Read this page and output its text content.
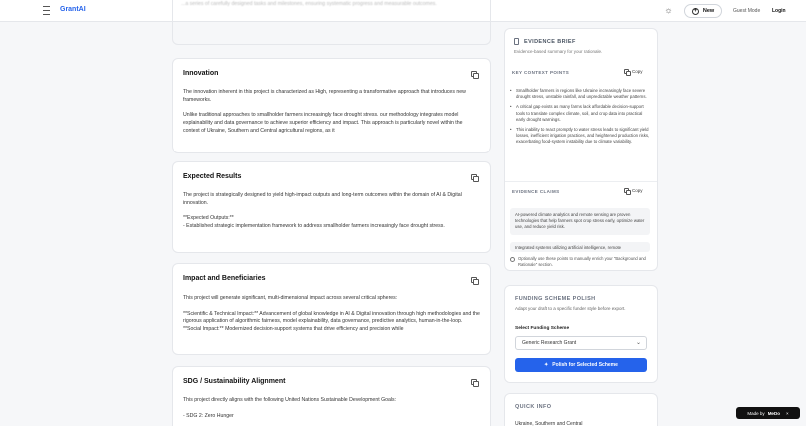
GrantAI	☼	+	New	Guest Mode Login
...a series of carefully designed tasks and milestones, ensuring systematic progress and measurable outcomes.
Innovation

The innovation inherent in this project is characterized as High, representing a transformative approach that introduces new frameworks.

Unlike traditional approaches to smallholder farmers increasingly face drought stress. our methodology integrates model explainability and data governance to achieve superior efficiency and impact. This approach is particularly novel within the context of Ukraine, Southern and Central agricultural regions, as it

Expected Results

The project is strategically designed to yield high-impact outputs and long-term outcomes within the domain of AI & Digital innovation.

**Expected Outputs:**
- Established strategic implementation framework to address smallholder farmers increasingly face drought stress.

Impact and Beneficiaries

This project will generate significant, multi-dimensional impact across several critical spheres:

**Scientific & Technical Impact:** Advancement of global knowledge in AI & Digital innovation through high methodologies and the rigorous application of algorithmic fairness, model explainability, data governance, predictive analytics, human-in-the-loop.
**Social Impact:** Modernized decision-support systems that drive efficiency and precision while

SDG / Sustainability Alignment

This project directly aligns with the following United Nations Sustainable Development Goals:

- SDG 2: Zero Hunger

EVIDENCE BRIEF
Evidence-based summary for your rationale.
KEY CONTEXT POINTS	Copy
• Smallholder farmers in regions like Ukraine increasingly face severe drought stress, unstable rainfall, and unpredictable weather patterns.
• A critical gap exists as many farms lack affordable decision-support tools to translate complex climate, soil, and crop data into practical early drought warnings.
• This inability to react promptly to water stress leads to significant yield losses, inefficient irrigation practices, and heightened production risks, exacerbating food-system instability due to climate variability.
EVIDENCE CLAIMS	Copy
AI-powered climate analytics and remote sensing are proven technologies that help farmers spot crop stress early, optimize water use, and reduce yield risk.
Integrated systems utilizing artificial intelligence, remote
Optionally use these points to manually enrich your "Background and Rationale" section.
FUNDING SCHEME POLISH
Adapt your draft to a specific funder style before export.
Select Funding Scheme
Generic Research Grant	⌄
✦ Polish for Selected Scheme
QUICK INFO
Ukraine, Southern and Central
Made by MeDo ×
